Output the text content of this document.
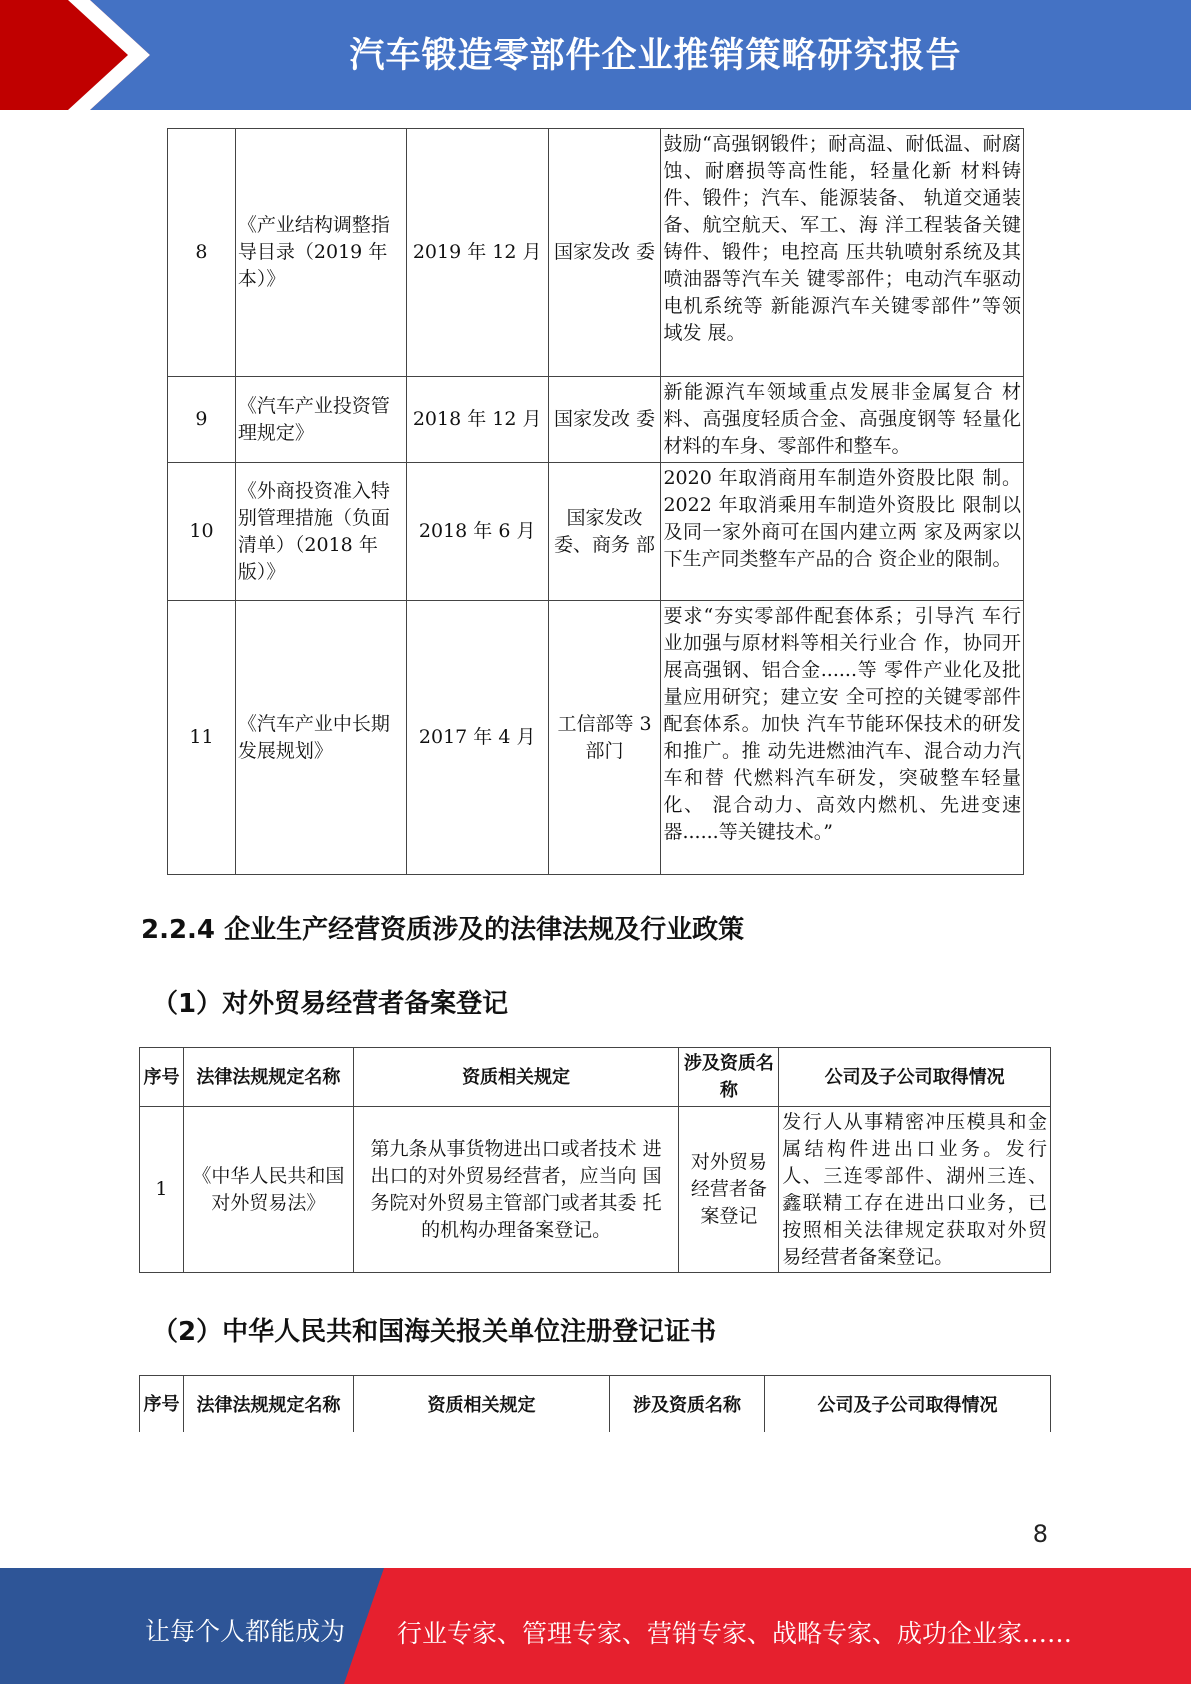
汽车锻造零部件企业推销策略研究报告
8	《产业结构调整指导目录（2019 年本）》	2019 年 12 月	国家发改 委	鼓励“高强钢锻件；耐高温、耐低温、耐腐蚀、耐磨损等高性能，轻量化新 材料铸件、锻件；汽车、能源装备、 轨道交通装备、航空航天、军工、海 洋工程装备关键铸件、锻件；电控高 压共轨喷射系统及其喷油器等汽车关 键零部件；电动汽车驱动电机系统等 新能源汽车关键零部件”等领域发 展。
9	《汽车产业投资管理规定》	2018 年 12 月	国家发改 委	新能源汽车领域重点发展非金属复合 材料、高强度轻质合金、高强度钢等 轻量化材料的车身、零部件和整车。
10	《外商投资准入特别管理措施（负面清单）（2018 年版）》	2018 年 6 月	国家发改委、商务 部	2020 年取消商用车制造外资股比限 制。2022 年取消乘用车制造外资股比 限制以及同一家外商可在国内建立两 家及两家以下生产同类整车产品的合 资企业的限制。
11	《汽车产业中长期发展规划》	2017 年 4 月	工信部等 3 部门	要求“夯实零部件配套体系；引导汽 车行业加强与原材料等相关行业合 作，协同开展高强钢、铝合金......等 零件产业化及批量应用研究；建立安 全可控的关键零部件配套体系。加快 汽车节能环保技术的研发和推广。推 动先进燃油汽车、混合动力汽车和替 代燃料汽车研发，突破整车轻量化、 混合动力、高效内燃机、先进变速 器......等关键技术。”
2.2.4 企业生产经营资质涉及的法律法规及行业政策
（1）对外贸易经营者备案登记
序号	法律法规规定名称	资质相关规定	涉及资质名称	公司及子公司取得情况
1	《中华人民共和国对外贸易法》	第九条从事货物进出口或者技术 进出口的对外贸易经营者，应当向 国务院对外贸易主管部门或者其委 托的机构办理备案登记。	对外贸易经营者备案登记	发行人从事精密冲压模具和金属结构件进出口业务。发行人、三连零部件、湖州三连、鑫联精工存在进出口业务，已按照相关法律规定获取对外贸易经营者备案登记。
（2）中华人民共和国海关报关单位注册登记证书
序号	法律法规规定名称	资质相关规定	涉及资质名称	公司及子公司取得情况
8
让每个人都能成为 行业专家、管理专家、营销专家、战略专家、成功企业家……
